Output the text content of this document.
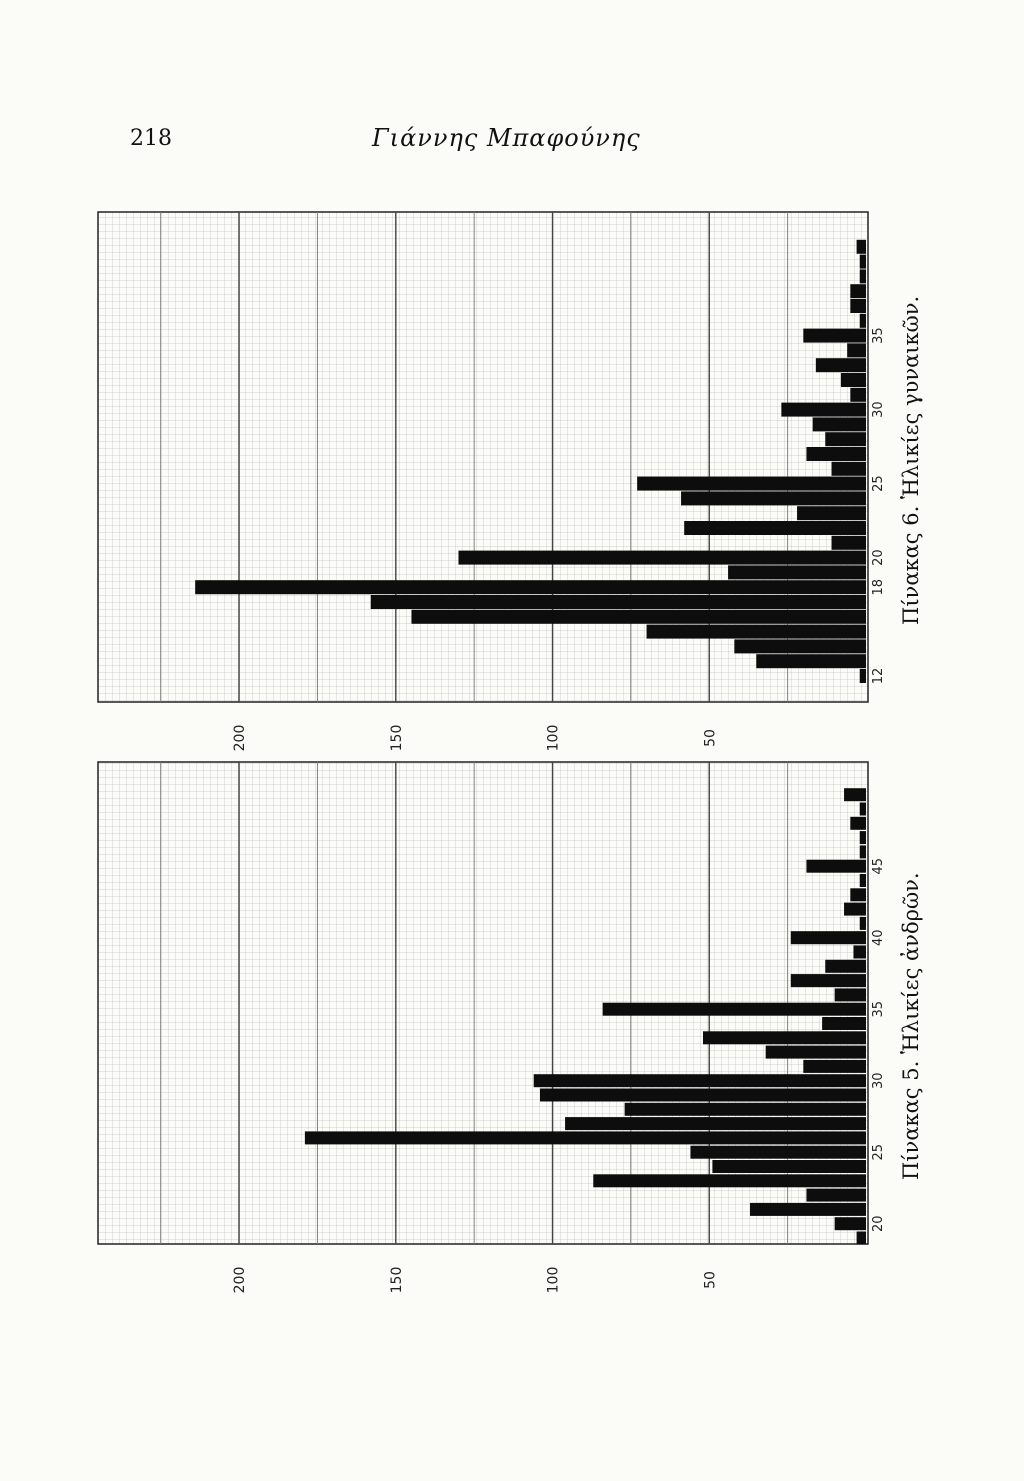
218	Γιάννης Μπαφούνης
200	150	100	50
20
25
30
35
40
45
Πίνακας 5. Ἡλικίες ἀνδρῶν.
200	150	100	50
12
18
20
25
30
35 Πίνακας 6. Ἡλικίες γυναικῶν.
